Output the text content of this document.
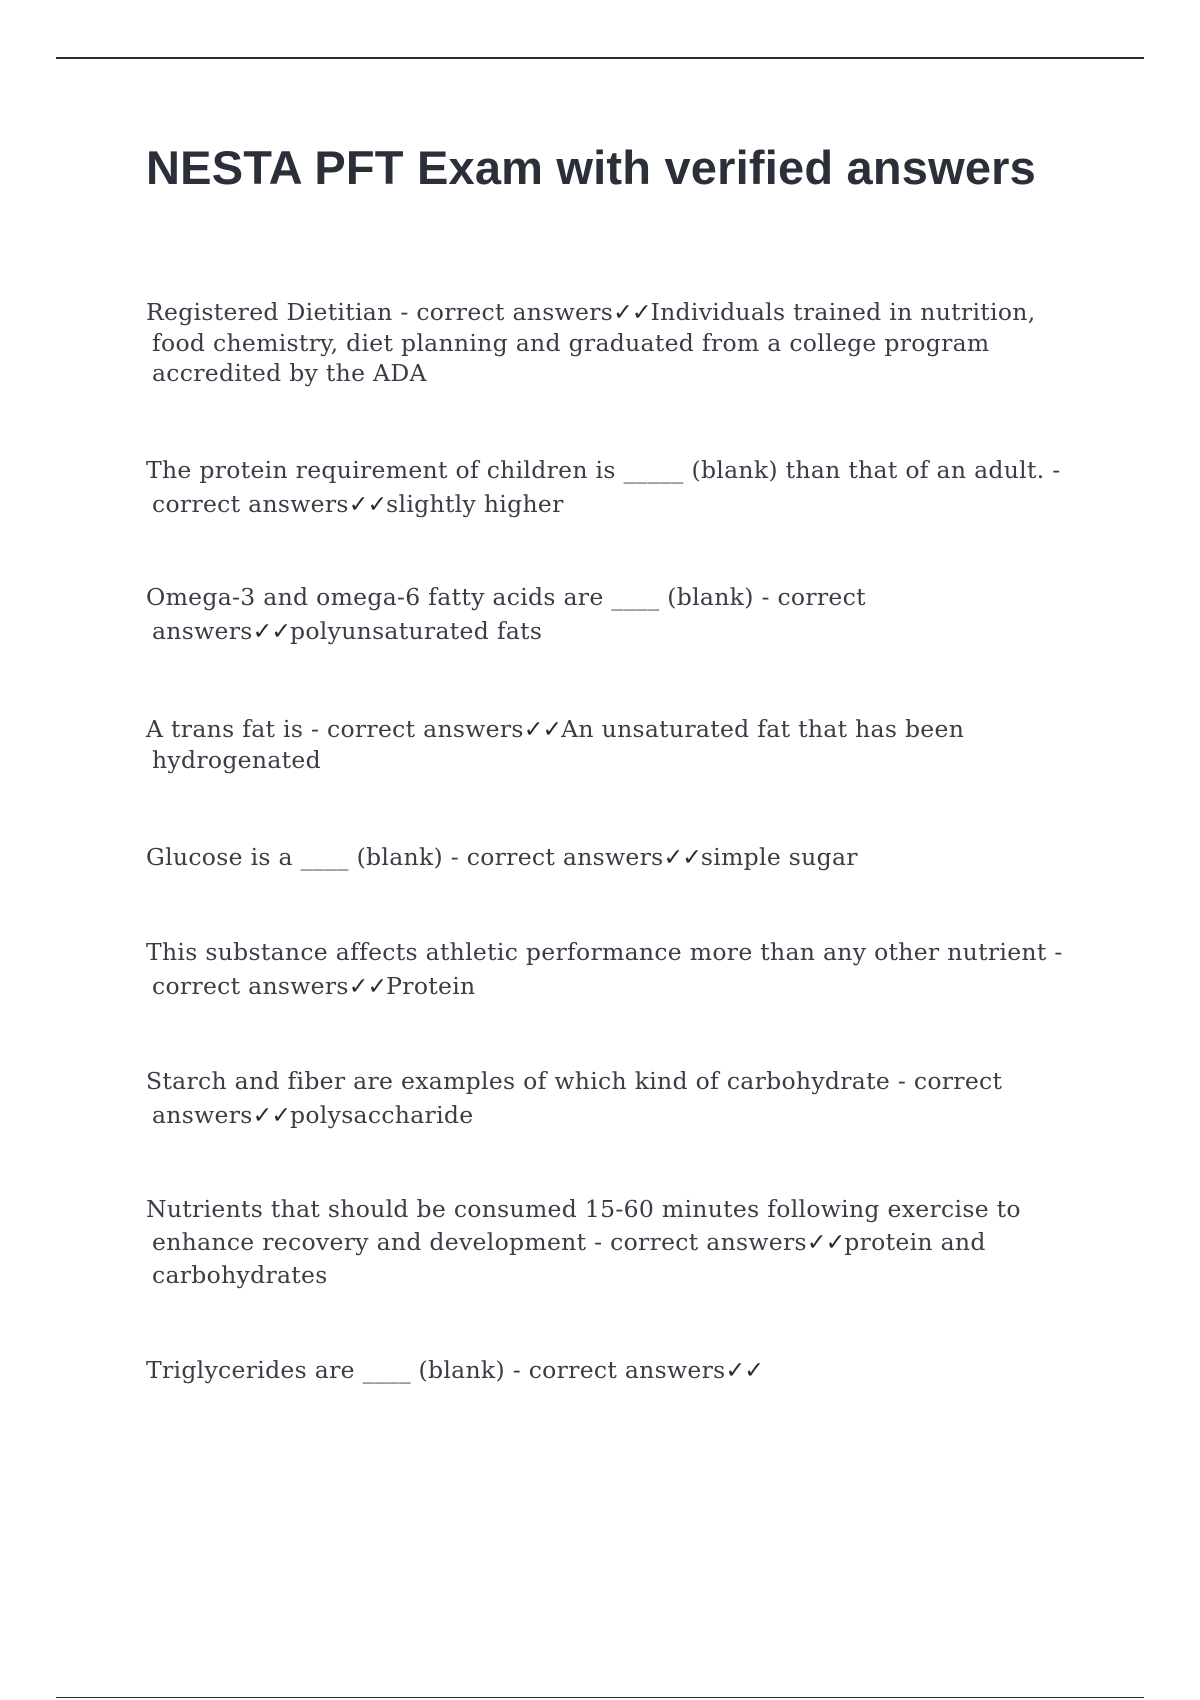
NESTA PFT Exam with verified answers

Registered Dietitian - correct answers✓✓Individuals trained in nutrition, food chemistry, diet planning and graduated from a college program accredited by the ADA

The protein requirement of children is _____ (blank) than that of an adult. - correct answers✓✓slightly higher

Omega-3 and omega-6 fatty acids are ____ (blank) - correct answers✓✓polyunsaturated fats

A trans fat is - correct answers✓✓An unsaturated fat that has been hydrogenated

Glucose is a ____ (blank) - correct answers✓✓simple sugar

This substance affects athletic performance more than any other nutrient - correct answers✓✓Protein

Starch and fiber are examples of which kind of carbohydrate - correct answers✓✓polysaccharide

Nutrients that should be consumed 15-60 minutes following exercise to enhance recovery and development - correct answers✓✓protein and carbohydrates

Triglycerides are ____ (blank) - correct answers✓✓
